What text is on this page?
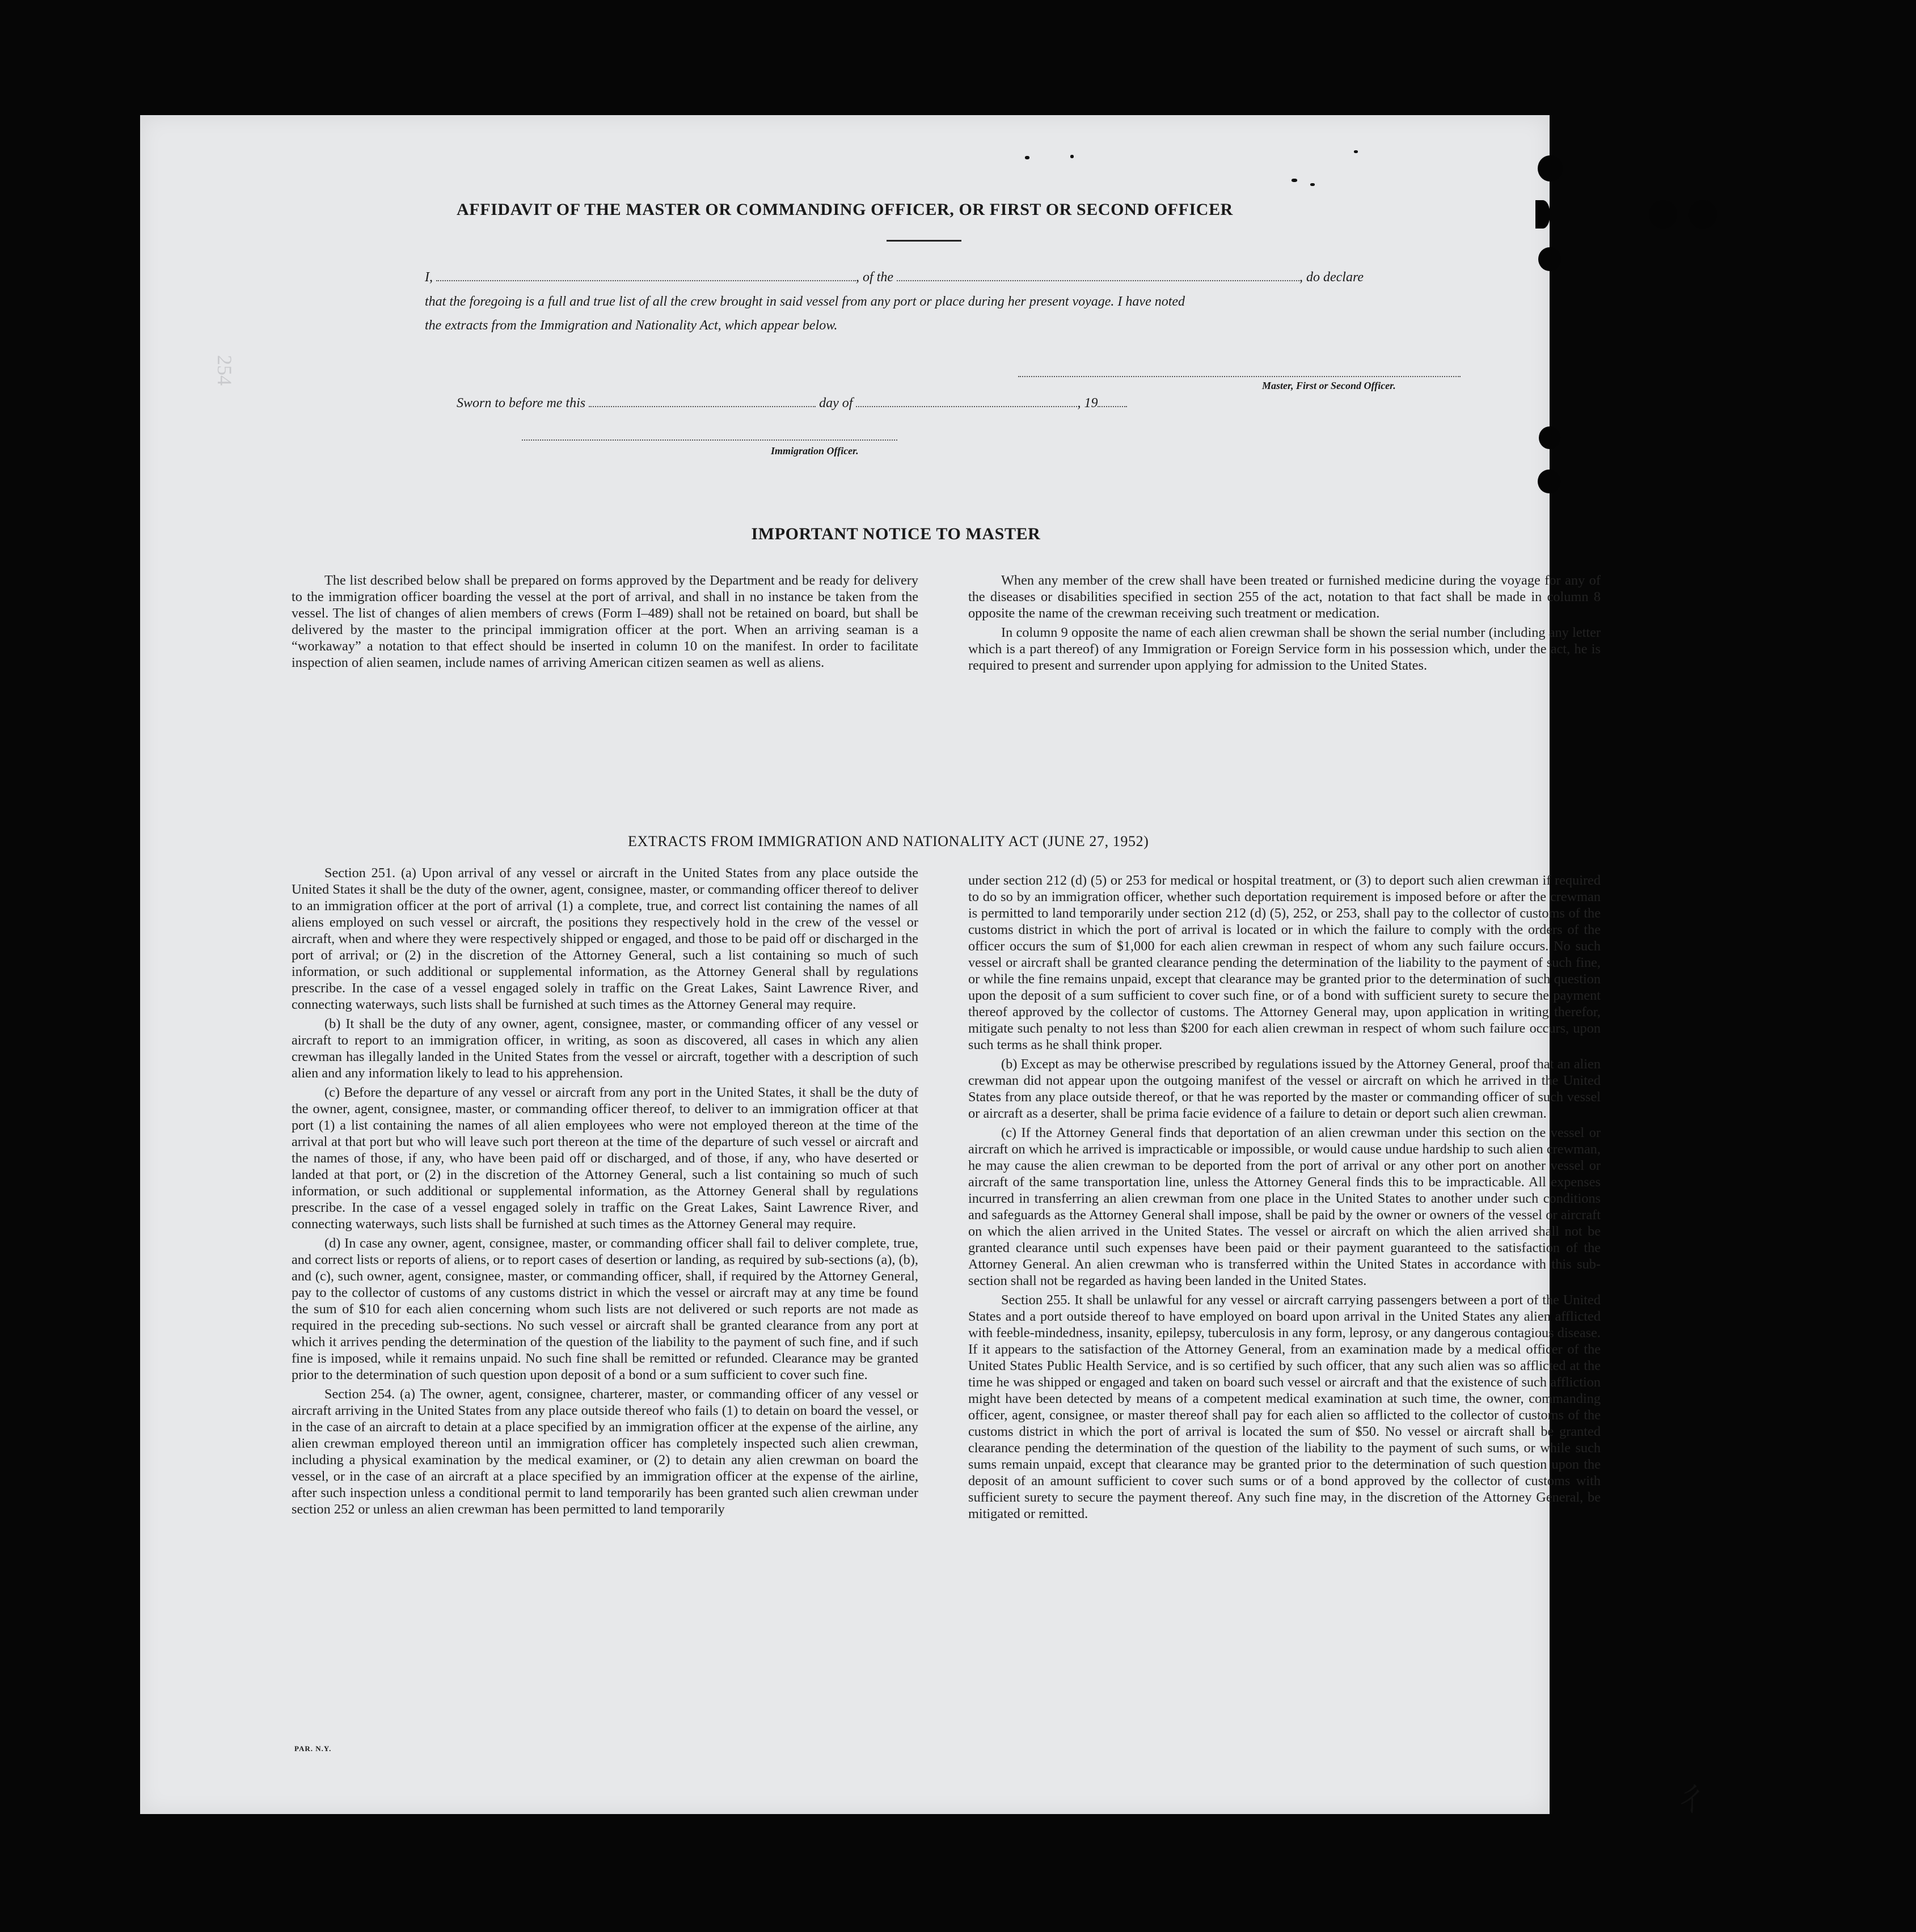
254
AFFIDAVIT OF THE MASTER OR COMMANDING OFFICER, OR FIRST OR SECOND OFFICER
I,	, of the	, do declare
that the foregoing is a full and true list of all the crew brought in said vessel from any port or place during her present voyage. I have noted
the extracts from the Immigration and Nationality Act, which appear below.
Master, First or Second Officer.
Sworn to before me this	day of	, 19
Immigration Officer.
IMPORTANT NOTICE TO MASTER

The list described below shall be prepared on forms approved by the Department and be ready for delivery to the immigration officer boarding the vessel at the port of arrival, and shall in no instance be taken from the vessel. The list of changes of alien members of crews (Form I–489) shall not be retained on board, but shall be delivered by the master to the principal immigration officer at the port. When an arriving seaman is a “workaway” a notation to that effect should be inserted in column 10 on the manifest. In order to facilitate inspection of alien seamen, include names of arriving American citizen seamen as well as aliens.

When any member of the crew shall have been treated or furnished medicine during the voyage for any of the diseases or disabilities specified in section 255 of the act, notation to that fact shall be made in column 8 opposite the name of the crewman receiving such treatment or medication.

In column 9 opposite the name of each alien crewman shall be shown the serial number (including any letter which is a part thereof) of any Immigration or Foreign Service form in his possession which, under the act, he is required to present and surrender upon applying for admission to the United States.

EXTRACTS FROM IMMIGRATION AND NATIONALITY ACT (JUNE 27, 1952)

Section 251. (a) Upon arrival of any vessel or aircraft in the United States from any place outside the United States it shall be the duty of the owner, agent, consignee, master, or commanding officer thereof to deliver to an immigration officer at the port of arrival (1) a complete, true, and correct list containing the names of all aliens employed on such vessel or aircraft, the positions they respectively hold in the crew of the vessel or aircraft, when and where they were respectively shipped or engaged, and those to be paid off or discharged in the port of arrival; or (2) in the discretion of the Attorney General, such a list containing so much of such information, or such additional or supplemental information, as the Attorney General shall by regulations prescribe. In the case of a vessel engaged solely in traffic on the Great Lakes, Saint Lawrence River, and connecting waterways, such lists shall be furnished at such times as the Attorney General may require.

(b) It shall be the duty of any owner, agent, consignee, master, or commanding officer of any vessel or aircraft to report to an immigration officer, in writing, as soon as discovered, all cases in which any alien crewman has illegally landed in the United States from the vessel or aircraft, together with a description of such alien and any information likely to lead to his apprehension.

(c) Before the departure of any vessel or aircraft from any port in the United States, it shall be the duty of the owner, agent, consignee, master, or commanding officer thereof, to deliver to an immigration officer at that port (1) a list containing the names of all alien employees who were not employed thereon at the time of the arrival at that port but who will leave such port thereon at the time of the departure of such vessel or aircraft and the names of those, if any, who have been paid off or discharged, and of those, if any, who have deserted or landed at that port, or (2) in the discretion of the Attorney General, such a list containing so much of such information, or such additional or supplemental information, as the Attorney General shall by regulations prescribe. In the case of a vessel engaged solely in traffic on the Great Lakes, Saint Lawrence River, and connecting waterways, such lists shall be furnished at such times as the Attorney General may require.

(d) In case any owner, agent, consignee, master, or commanding officer shall fail to deliver complete, true, and correct lists or reports of aliens, or to report cases of desertion or landing, as required by sub-sections (a), (b), and (c), such owner, agent, consignee, master, or commanding officer, shall, if required by the Attorney General, pay to the collector of customs of any customs district in which the vessel or aircraft may at any time be found the sum of $10 for each alien concerning whom such lists are not delivered or such reports are not made as required in the preceding sub-sections. No such vessel or aircraft shall be granted clearance from any port at which it arrives pending the determination of the question of the liability to the payment of such fine, and if such fine is imposed, while it remains unpaid. No such fine shall be remitted or refunded. Clearance may be granted prior to the determination of such question upon deposit of a bond or a sum sufficient to cover such fine.

Section 254. (a) The owner, agent, consignee, charterer, master, or commanding officer of any vessel or aircraft arriving in the United States from any place outside thereof who fails (1) to detain on board the vessel, or in the case of an aircraft to detain at a place specified by an immigration officer at the expense of the airline, any alien crewman employed thereon until an immigration officer has completely inspected such alien crewman, including a physical examination by the medical examiner, or (2) to detain any alien crewman on board the vessel, or in the case of an aircraft at a place specified by an immigration officer at the expense of the airline, after such inspection unless a conditional permit to land temporarily has been granted such alien crewman under section 252 or unless an alien crewman has been permitted to land temporarily

under section 212 (d) (5) or 253 for medical or hospital treatment, or (3) to deport such alien crewman if required to do so by an immigration officer, whether such deportation requirement is imposed before or after the crewman is permitted to land temporarily under section 212 (d) (5), 252, or 253, shall pay to the collector of customs of the customs district in which the port of arrival is located or in which the failure to comply with the orders of the officer occurs the sum of $1,000 for each alien crewman in respect of whom any such failure occurs. No such vessel or aircraft shall be granted clearance pending the determination of the liability to the payment of such fine, or while the fine remains unpaid, except that clearance may be granted prior to the determination of such question upon the deposit of a sum sufficient to cover such fine, or of a bond with sufficient surety to secure the payment thereof approved by the collector of customs. The Attorney General may, upon application in writing therefor, mitigate such penalty to not less than $200 for each alien crewman in respect of whom such failure occurs, upon such terms as he shall think proper.

(b) Except as may be otherwise prescribed by regulations issued by the Attorney General, proof that an alien crewman did not appear upon the outgoing manifest of the vessel or aircraft on which he arrived in the United States from any place outside thereof, or that he was reported by the master or commanding officer of such vessel or aircraft as a deserter, shall be prima facie evidence of a failure to detain or deport such alien crewman.

(c) If the Attorney General finds that deportation of an alien crewman under this section on the vessel or aircraft on which he arrived is impracticable or impossible, or would cause undue hardship to such alien crewman, he may cause the alien crewman to be deported from the port of arrival or any other port on another vessel or aircraft of the same transportation line, unless the Attorney General finds this to be impracticable. All expenses incurred in transferring an alien crewman from one place in the United States to another under such conditions and safeguards as the Attorney General shall impose, shall be paid by the owner or owners of the vessel or aircraft on which the alien arrived in the United States. The vessel or aircraft on which the alien arrived shall not be granted clearance until such expenses have been paid or their payment guaranteed to the satisfaction of the Attorney General. An alien crewman who is transferred within the United States in accordance with this sub-section shall not be regarded as having been landed in the United States.

Section 255. It shall be unlawful for any vessel or aircraft carrying passengers between a port of the United States and a port outside thereof to have employed on board upon arrival in the United States any alien afflicted with feeble-mindedness, insanity, epilepsy, tuberculosis in any form, leprosy, or any dangerous contagious disease. If it appears to the satisfaction of the Attorney General, from an examination made by a medical officer of the United States Public Health Service, and is so certified by such officer, that any such alien was so afflicted at the time he was shipped or engaged and taken on board such vessel or aircraft and that the existence of such affliction might have been detected by means of a competent medical examination at such time, the owner, commanding officer, agent, consignee, or master thereof shall pay for each alien so afflicted to the collector of customs of the customs district in which the port of arrival is located the sum of $50. No vessel or aircraft shall be granted clearance pending the determination of the question of the liability to the payment of such sums, or while such sums remain unpaid, except that clearance may be granted prior to the determination of such question upon the deposit of an amount sufficient to cover such sums or of a bond approved by the collector of customs with sufficient surety to secure the payment thereof. Any such fine may, in the discretion of the Attorney General, be mitigated or remitted.

PAR. N.Y.
ㄔ
